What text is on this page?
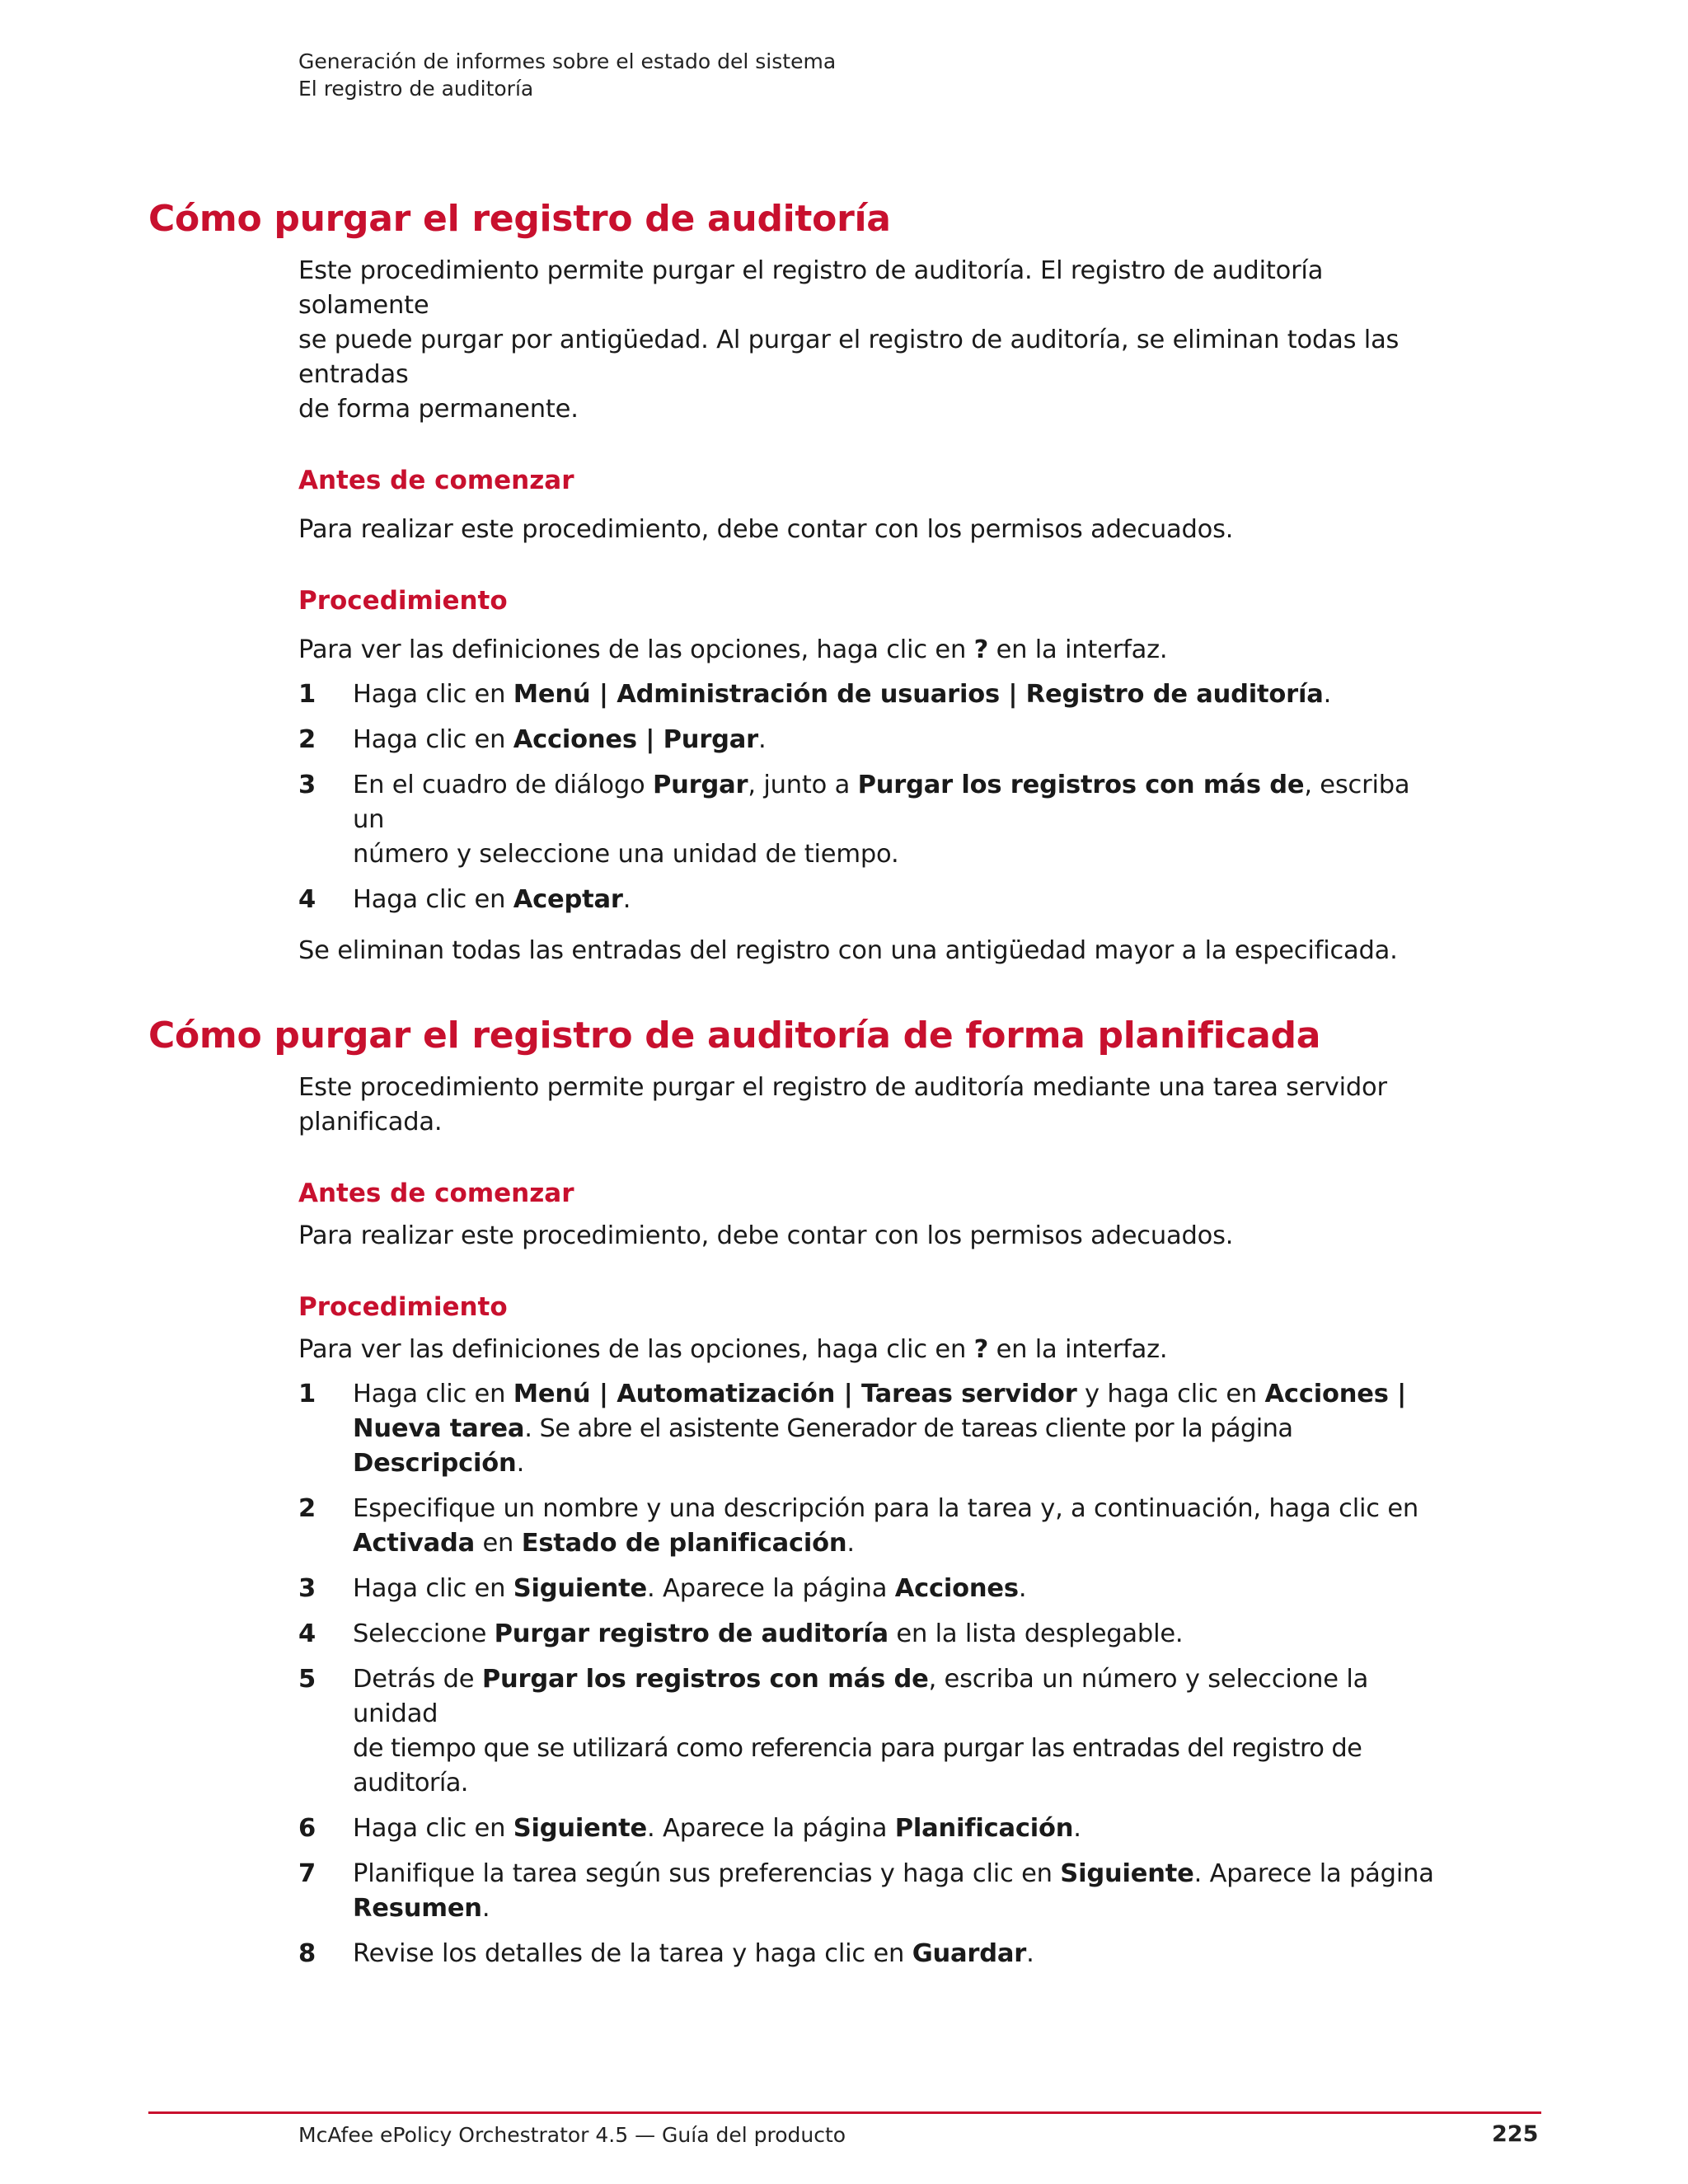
Generación de informes sobre el estado del sistema
El registro de auditoría
Cómo purgar el registro de auditoría

Este procedimiento permite purgar el registro de auditoría. El registro de auditoría solamente
se puede purgar por antigüedad. Al purgar el registro de auditoría, se eliminan todas las entradas
de forma permanente.

Antes de comenzar

Para realizar este procedimiento, debe contar con los permisos adecuados.

Procedimiento

Para ver las definiciones de las opciones, haga clic en ? en la interfaz.

1	Haga clic en Menú | Administración de usuarios | Registro de auditoría.
2	Haga clic en Acciones | Purgar.
3	En el cuadro de diálogo Purgar, junto a Purgar los registros con más de, escriba un
número y seleccione una unidad de tiempo.
4	Haga clic en Aceptar.

Se eliminan todas las entradas del registro con una antigüedad mayor a la especificada.

Cómo purgar el registro de auditoría de forma planificada

Este procedimiento permite purgar el registro de auditoría mediante una tarea servidor
planificada.

Antes de comenzar

Para realizar este procedimiento, debe contar con los permisos adecuados.

Procedimiento

Para ver las definiciones de las opciones, haga clic en ? en la interfaz.

1	Haga clic en Menú | Automatización | Tareas servidor y haga clic en Acciones |
Nueva tarea. Se abre el asistente Generador de tareas cliente por la página Descripción.
2	Especifique un nombre y una descripción para la tarea y, a continuación, haga clic en
Activada en Estado de planificación.
3	Haga clic en Siguiente. Aparece la página Acciones.
4	Seleccione Purgar registro de auditoría en la lista desplegable.
5	Detrás de Purgar los registros con más de, escriba un número y seleccione la unidad
de tiempo que se utilizará como referencia para purgar las entradas del registro de auditoría.
6	Haga clic en Siguiente. Aparece la página Planificación.
7	Planifique la tarea según sus preferencias y haga clic en Siguiente. Aparece la página
Resumen.
8	Revise los detalles de la tarea y haga clic en Guardar.
McAfee ePolicy Orchestrator 4.5 — Guía del producto	225
